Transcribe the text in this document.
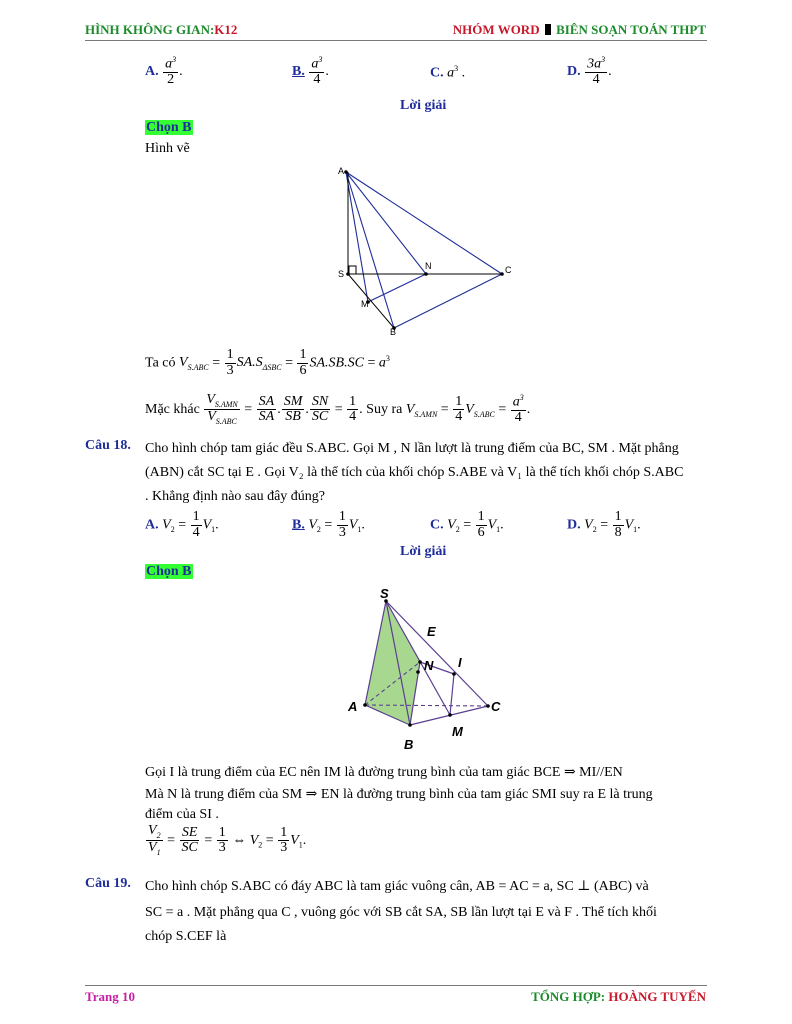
HÌNH KHÔNG GIAN:K12	NHÓM WORD BIÊN SOẠN TOÁN THPT
A. $\frac{a^3}{2}$ .	B. $\frac{a^3}{4}$ .	C. $a^3$ .	D. $\frac{3a^3}{4}$ .
Lời giải
Chọn B
Hình vẽ
A
S
N	C
M
B
Ta có $V_{S.ABC} = \frac{1}{3} SA.S_{\Delta SBC} = \frac{1}{6} SA.SB.SC = a^3$
Mặc khác $\frac{V_{S.AMN}}{V_{S.ABC}} = \frac{SA}{SA}$ . $\frac{SM}{SB}$ . $\frac{SN}{SC} = \frac{1}{4}$ . Suy ra $V_{S.AMN} = \frac{1}{4} V_{S.ABC} = \frac{a^3}{4}$ .
Câu 18. Cho hình chóp tam giác đều S.ABC. Gọi M , N lần lượt là trung điểm của BC, SM . Mặt phẳng
(ABN) cắt SC tại E . Gọi V₂ là thể tích của khối chóp S.ABE và V₁ là thể tích khối chóp S.ABC
. Khẳng định nào sau đây đúng?
A. $V_2 = \frac{1}{4} V_1$.	B. $V_2 = \frac{1}{3} V_1$.	C. $V_2 = \frac{1}{6} V_1$.	D. $V_2 = \frac{1}{8} V_1$.
Lời giải
Chọn B
S
E
N I
A	C
B
M
Gọi I là trung điểm của EC nên IM là đường trung bình của tam giác BCE ⇒ MI//EN
Mà N là trung điểm của SM ⇒ EN là đường trung bình của tam giác SMI suy ra E là trung
điểm của SI .
$\frac{V_2}{V_1} = \frac{SE}{SC} = \frac{1}{3}$ ⇔ $V_2 = \frac{1}{3} V_1$.
Câu 19. Cho hình chóp S.ABC có đáy ABC là tam giác vuông cân, AB = AC = a, SC ⊥ (ABC) và
SC = a . Mặt phẳng qua C , vuông góc với SB cắt SA, SB lần lượt tại E và F . Thể tích khối
chóp S.CEF là
Trang 10	TỔNG HỢP: HOÀNG TUYẾN
